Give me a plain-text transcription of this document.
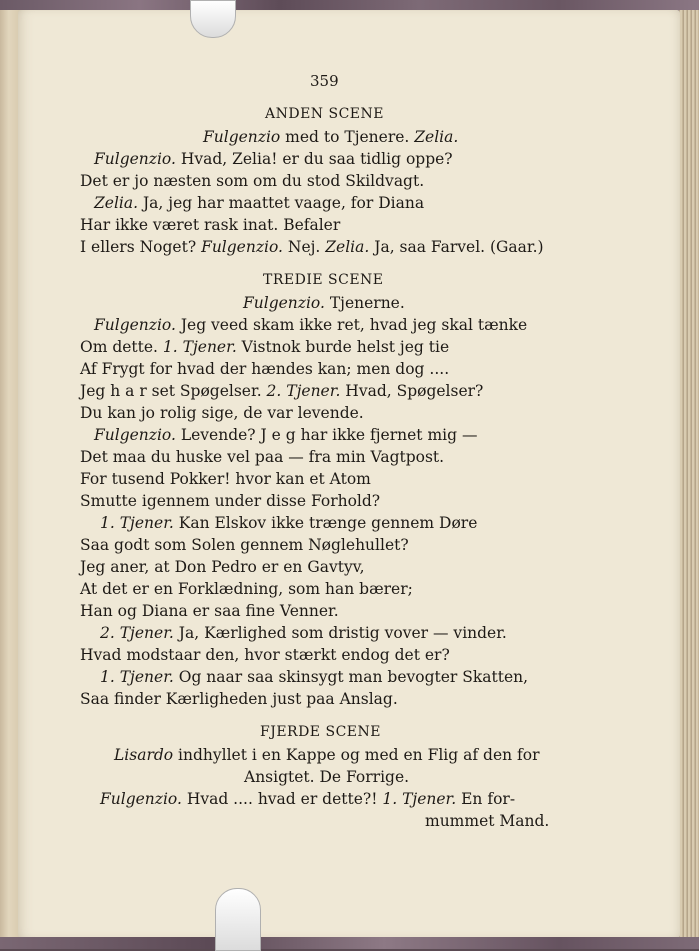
359
ANDEN SCENE
Fulgenzio med to Tjenere. Zelia.
Fulgenzio. Hvad, Zelia! er du saa tidlig oppe?
Det er jo næsten som om du stod Skildvagt.
Zelia. Ja, jeg har maattet vaage, for Diana
Har ikke været rask inat. Befaler
I ellers Noget? Fulgenzio. Nej. Zelia. Ja, saa Farvel. (Gaar.)
TREDIE SCENE
Fulgenzio. Tjenerne.
Fulgenzio. Jeg veed skam ikke ret, hvad jeg skal tænke
Om dette. 1. Tjener. Vistnok burde helst jeg tie
Af Frygt for hvad der hændes kan; men dog ....
Jeg h a r set Spøgelser. 2. Tjener. Hvad, Spøgelser?
Du kan jo rolig sige, de var levende.
Fulgenzio. Levende? J e g har ikke fjernet mig —
Det maa du huske vel paa — fra min Vagtpost.
For tusend Pokker! hvor kan et Atom
Smutte igennem under disse Forhold?
1. Tjener. Kan Elskov ikke trænge gennem Døre
Saa godt som Solen gennem Nøglehullet?
Jeg aner, at Don Pedro er en Gavtyv,
At det er en Forklædning, som han bærer;
Han og Diana er saa fine Venner.
2. Tjener. Ja, Kærlighed som dristig vover — vinder.
Hvad modstaar den, hvor stærkt endog det er?
1. Tjener. Og naar saa skinsygt man bevogter Skatten,
Saa finder Kærligheden just paa Anslag.
FJERDE SCENE
Lisardo indhyllet i en Kappe og med en Flig af den for
Ansigtet. De Forrige.
Fulgenzio. Hvad .... hvad er dette?! 1. Tjener. En for-
mummet Mand.
